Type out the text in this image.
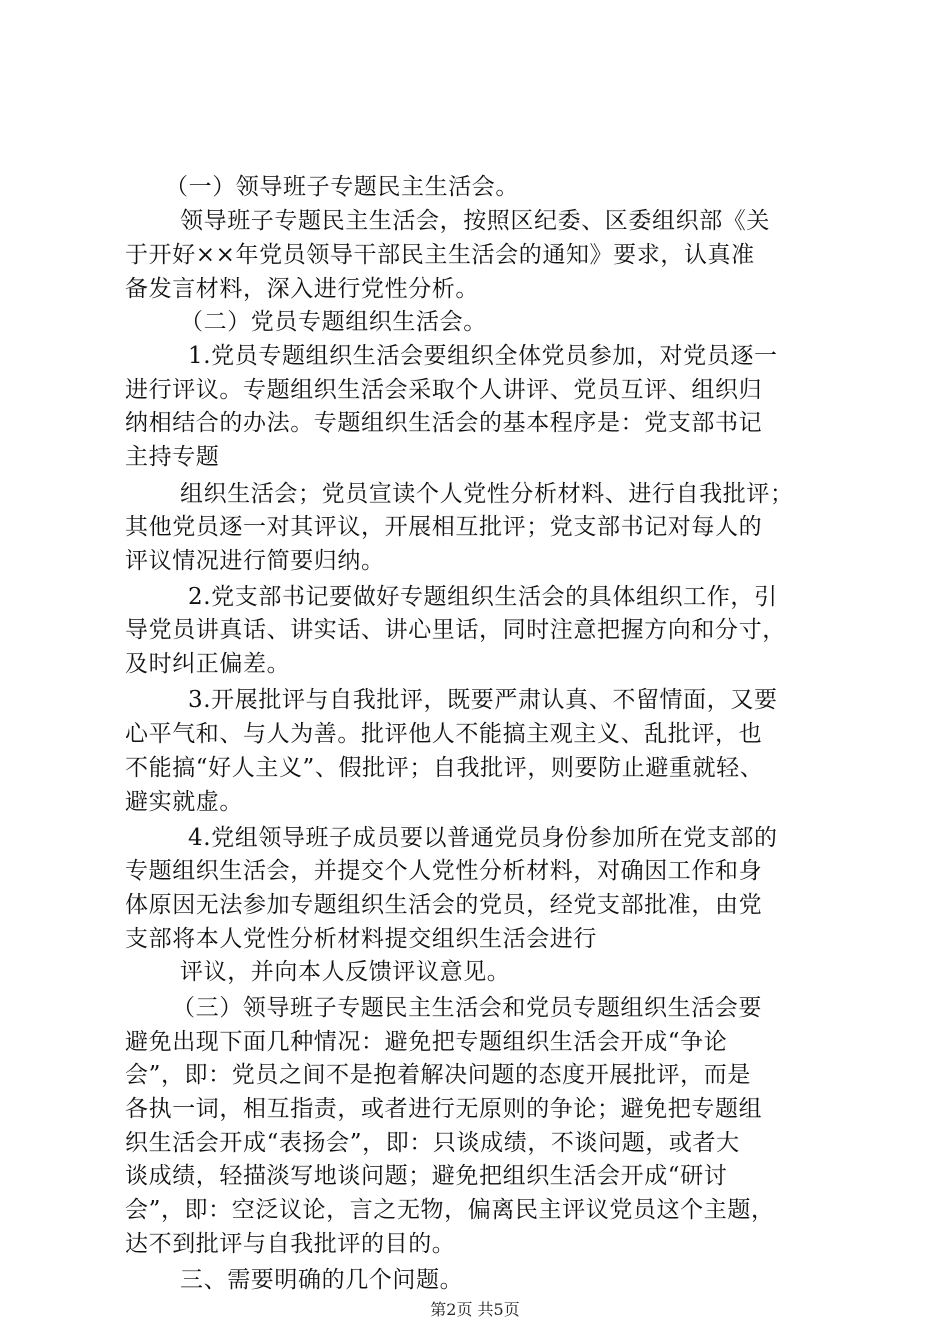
（一）领导班子专题民主生活会。
领导班子专题民主生活会，按照区纪委、区委组织部《关
于开好××年党员领导干部民主生活会的通知》要求，认真准
备发言材料，深入进行党性分析。
（二）党员专题组织生活会。
1.党员专题组织生活会要组织全体党员参加，对党员逐一
进行评议。专题组织生活会采取个人讲评、党员互评、组织归
纳相结合的办法。专题组织生活会的基本程序是：党支部书记
主持专题
组织生活会；党员宣读个人党性分析材料、进行自我批评；
其他党员逐一对其评议，开展相互批评；党支部书记对每人的
评议情况进行简要归纳。
2.党支部书记要做好专题组织生活会的具体组织工作，引
导党员讲真话、讲实话、讲心里话，同时注意把握方向和分寸，
及时纠正偏差。
3.开展批评与自我批评，既要严肃认真、不留情面，又要
心平气和、与人为善。批评他人不能搞主观主义、乱批评，也
不能搞“好人主义”、假批评；自我批评，则要防止避重就轻、
避实就虚。
4.党组领导班子成员要以普通党员身份参加所在党支部的
专题组织生活会，并提交个人党性分析材料，对确因工作和身
体原因无法参加专题组织生活会的党员，经党支部批准，由党
支部将本人党性分析材料提交组织生活会进行
评议，并向本人反馈评议意见。
（三）领导班子专题民主生活会和党员专题组织生活会要
避免出现下面几种情况：避免把专题组织生活会开成“争论
会”，即：党员之间不是抱着解决问题的态度开展批评，而是
各执一词，相互指责，或者进行无原则的争论；避免把专题组
织生活会开成“表扬会”，即：只谈成绩，不谈问题，或者大
谈成绩，轻描淡写地谈问题；避免把组织生活会开成“研讨
会”，即：空泛议论，言之无物，偏离民主评议党员这个主题，
达不到批评与自我批评的目的。
三、需要明确的几个问题。
第2页 共5页
